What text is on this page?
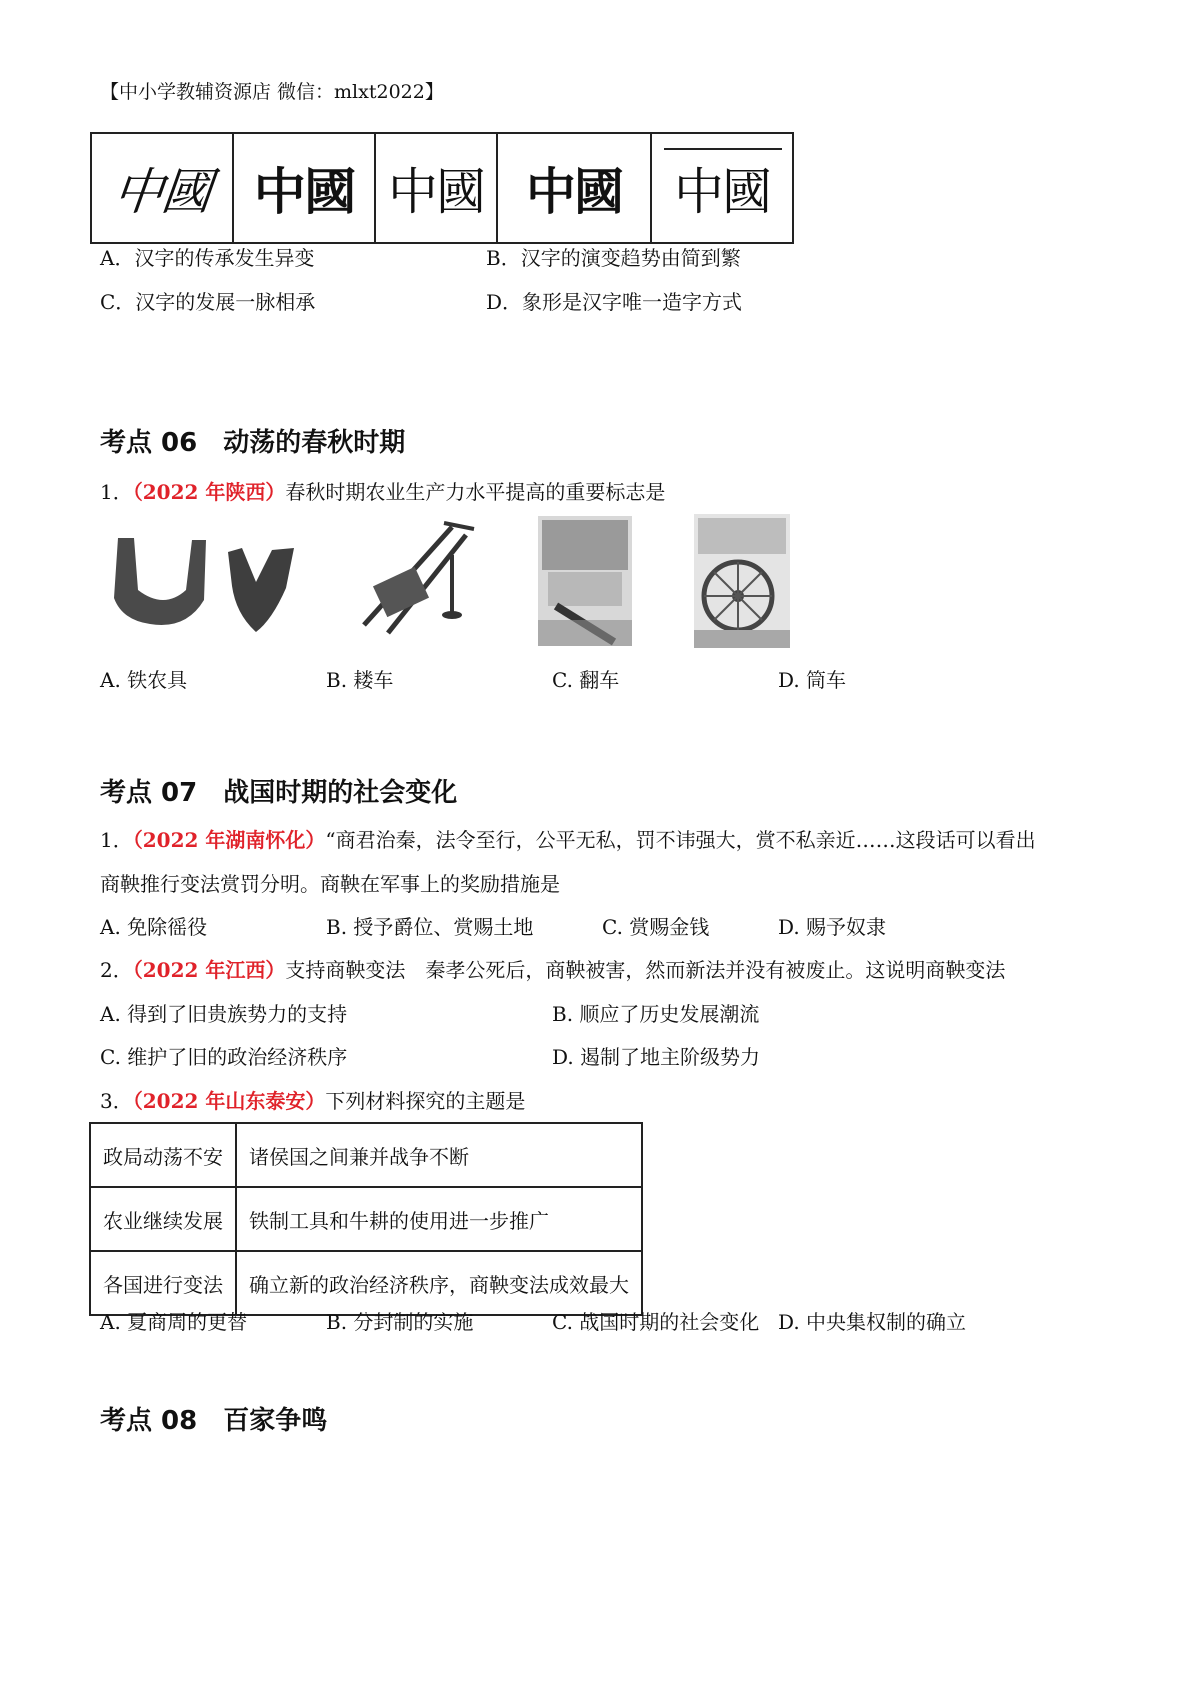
【中小学教辅资源店 微信：mlxt2022】
中國	中國	中國	中國	中國
A．汉字的传承发生异变	B．汉字的演变趋势由简到繁
C．汉字的发展一脉相承	D．象形是汉字唯一造字方式
考点 06　动荡的春秋时期
1．（2022 年陕西）春秋时期农业生产力水平提高的重要标志是
A. 铁农具	B. 耧车	C. 翻车	D. 筒车
考点 07　战国时期的社会变化
1．（2022 年湖南怀化）“商君治秦，法令至行，公平无私，罚不讳强大，赏不私亲近……这段话可以看出
商鞅推行变法赏罚分明。商鞅在军事上的奖励措施是
A. 免除徭役	B. 授予爵位、赏赐土地	C. 赏赐金钱	D. 赐予奴隶
2．（2022 年江西）支持商鞅变法　秦孝公死后，商鞅被害，然而新法并没有被废止。这说明商鞅变法
A. 得到了旧贵族势力的支持	B. 顺应了历史发展潮流
C. 维护了旧的政治经济秩序	D. 遏制了地主阶级势力
3．（2022 年山东泰安）下列材料探究的主题是
政局动荡不安	诸侯国之间兼并战争不断
农业继续发展	铁制工具和牛耕的使用进一步推广
各国进行变法	确立新的政治经济秩序，商鞅变法成效最大
A. 夏商周的更替	B. 分封制的实施	C. 战国时期的社会变化 D. 中央集权制的确立
考点 08　百家争鸣
